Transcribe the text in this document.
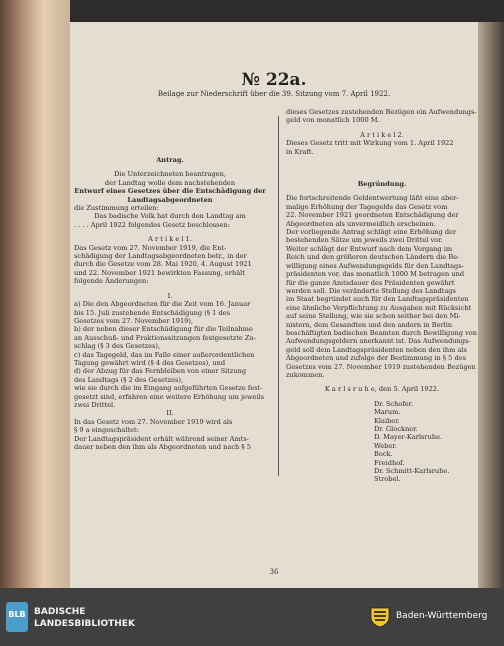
№ 22a.
Beilage zur Niederschrift über die 39. Sitzung vom 7. April 1922.
Antrag.
Die Unterzeichneten beantragen,
der Landtag wolle dem nachstehenden
Entwurf eines Gesetzes über die Entschädigung der
Landtagsabgeordneten
die Zustimmung erteilen:
Das badische Volk hat durch den Landtag am
. . . . April 1922 folgendes Gesetz beschlossen:
A r t i k e l 1.
Das Gesetz vom 27. November 1919, die Ent-
schädigung der Landtagsabgeordneten betr., in der
durch die Gesetze vom 28. Mai 1920, 4. August 1921
und 22. November 1921 bewirkten Fassung, erhält
folgende Änderungen:
I.
a) Die den Abgeordneten für die Zeit vom 16. Januar
bis 15. Juli zustehende Entschädigung (§ 1 des
Gesetzes vom 27. November 1919),
b) der neben dieser Entschädigung für die Teilnahme
an Ausschuß- und Fraktionssitzungen festgesetzte Zu-
schlag (§ 3 des Gesetzes),
c) das Tagegeld, das im Falle einer außerordentlichen
Tagung gewährt wird (§ 4 des Gesetzes), und
d) der Abzug für das Fernbleiben von einer Sitzung
des Landtags (§ 2 des Gesetzes),
wie sie durch die im Eingang aufgeführten Gesetze fest-
gesetzt sind, erfahren eine weitere Erhöhung um jeweils
zwei Drittel.
II.
In das Gesetz vom 27. November 1919 wird als
§ 9 a eingeschaltet:
Der Landtagspräsident erhält während seiner Amts-
dauer neben den ihm als Abgeordneten und nach § 5
dieses Gesetzes zustehenden Bezügen ein Aufwendungs-
geld von monatlich 1000 M.
A r t i k e l 2.
Dieses Gesetz tritt mit Wirkung vom 1. April 1922
in Kraft.
Begründung.
Die fortschreitende Geldentwertung läßt eine aber-
malige Erhöhung der Tagegelds das Gesetz vom
22. November 1921 geordneten Entschädigung der
Abgeordneten als unvermeidlich erscheinen.
Der vorliegende Antrag schlägt eine Erhöhung der
bestehenden Sätze um jeweils zwei Drittel vor.
Weiter schlägt der Entwurf nach dem Vorgang im
Reich und den größeren deutschen Ländern die Be-
willigung eines Aufwendungsgelds für den Landtags-
präsidenten vor, das monatlich 1000 M betragen und
für die ganze Amtsdauer des Präsidenten gewährt
werden soll. Die veränderte Stellung des Landtags
im Staat begründet auch für den Landtagspräsidenten
eine ähnliche Verpflichtung zu Ausgaben mit Rücksicht
auf seine Stellung, wie sie schon seither bei den Mi-
nistern, dem Gesandten und den andern in Berlin
beschäftigten badischen Beamten durch Bewilligung von
Aufwendungsgeldern anerkannt ist. Das Aufwendungs-
geld soll dem Landtagspräsidenten neben den ihm als
Abgeordneten und zufolge der Bestimmung in § 5 des
Gesetzes vom 27. November 1919 zustehenden Bezügen
zukommen.
K a r l s r u h e, den 5. April 1922.
Dr. Schofer.
Marum.
Klaiber.
Dr. Glockner.
D. Mayer-Karlsruhe.
Weber.
Bock.
Freidhof.
Dr. Schmitt-Karlsruhe.
Strobel.
36
BLB BADISCHE
LANDESBIBLIOTHEK
Baden-Württemberg
